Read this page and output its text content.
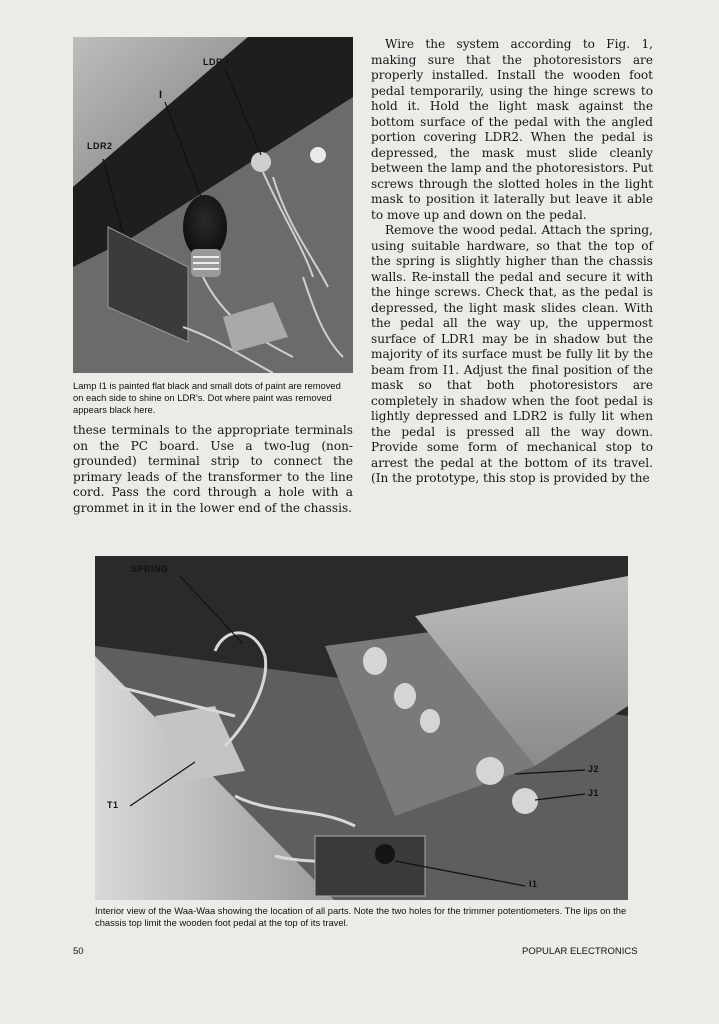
LDR I
I
LDR2
Lamp I1 is painted flat black and small dots of paint are removed on each side to shine on LDR's. Dot where paint was removed appears black here.

these terminals to the appropriate terminals on the PC board. Use a two-lug (non-grounded) terminal strip to connect the primary leads of the transformer to the line cord. Pass the cord through a hole with a grommet in it in the lower end of the chassis.

Wire the system according to Fig. 1, making sure that the photoresistors are properly installed. Install the wooden foot pedal temporarily, using the hinge screws to hold it. Hold the light mask against the bottom surface of the pedal with the angled portion covering LDR2. When the pedal is depressed, the mask must slide cleanly between the lamp and the photoresistors. Put screws through the slotted holes in the light mask to position it laterally but leave it able to move up and down on the pedal.

Remove the wood pedal. Attach the spring, using suitable hardware, so that the top of the spring is slightly higher than the chassis walls. Re-install the pedal and secure it with the hinge screws. Check that, as the pedal is depressed, the light mask slides clean. With the pedal all the way up, the uppermost surface of LDR1 may be in shadow but the majority of its surface must be fully lit by the beam from I1. Adjust the final position of the mask so that both photoresistors are completely in shadow when the foot pedal is lightly depressed and LDR2 is fully lit when the pedal is pressed all the way down. Provide some form of mechanical stop to arrest the pedal at the bottom of its travel. (In the prototype, this stop is provided by the

SPRING
T1
J2
J1
I1
Interior view of the Waa-Waa showing the location of all parts. Note the two holes for the trimmer potentiometers. The lips on the chassis top limit the wooden foot pedal at the top of its travel.
50	POPULAR ELECTRONICS
